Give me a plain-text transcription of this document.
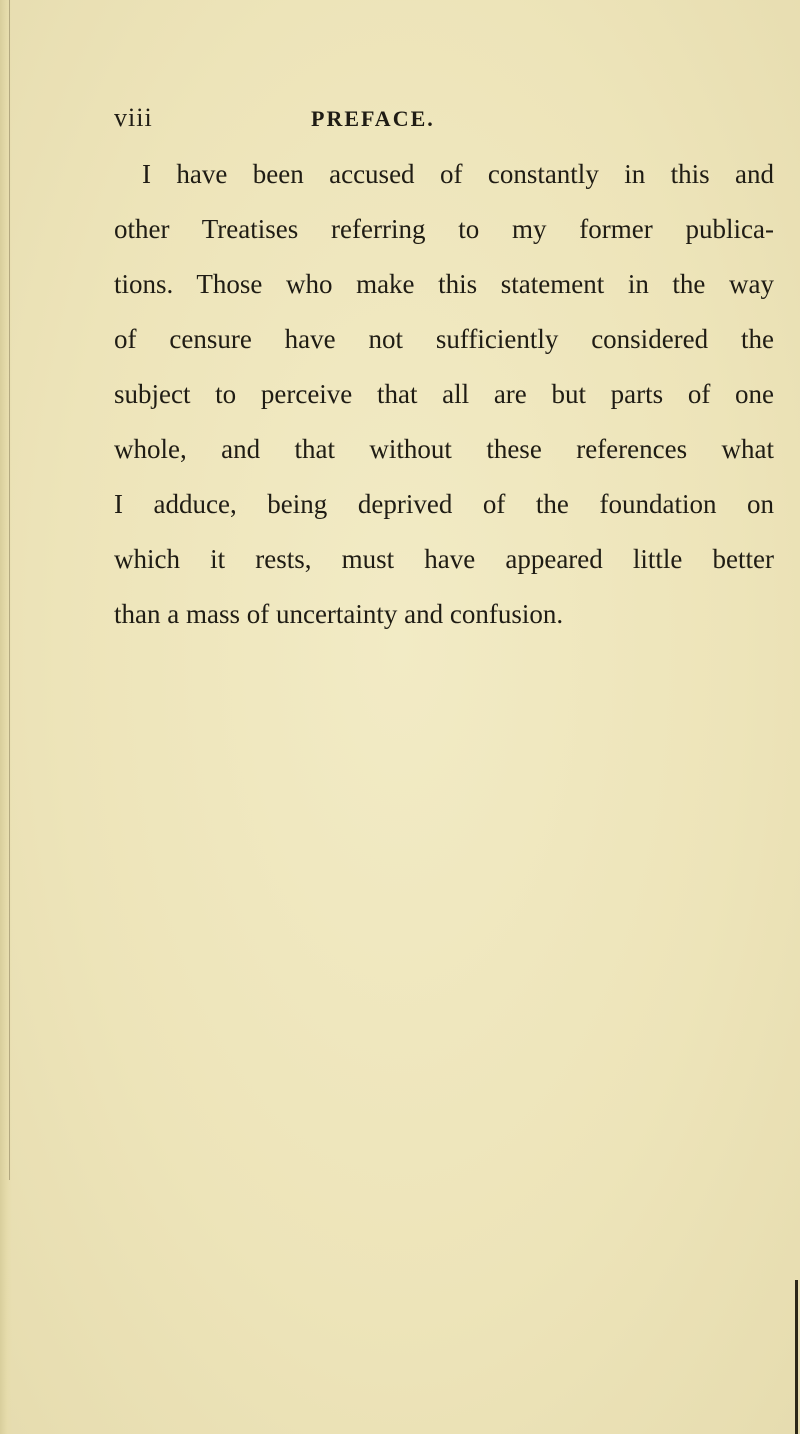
viii	PREFACE.
I have been accused of constantly in this and
other Treatises referring to my former publica-
tions. Those who make this statement in the way
of censure have not sufficiently considered the
subject to perceive that all are but parts of one
whole, and that without these references what
I adduce, being deprived of the foundation on
which it rests, must have appeared little better
than a mass of uncertainty and confusion.
